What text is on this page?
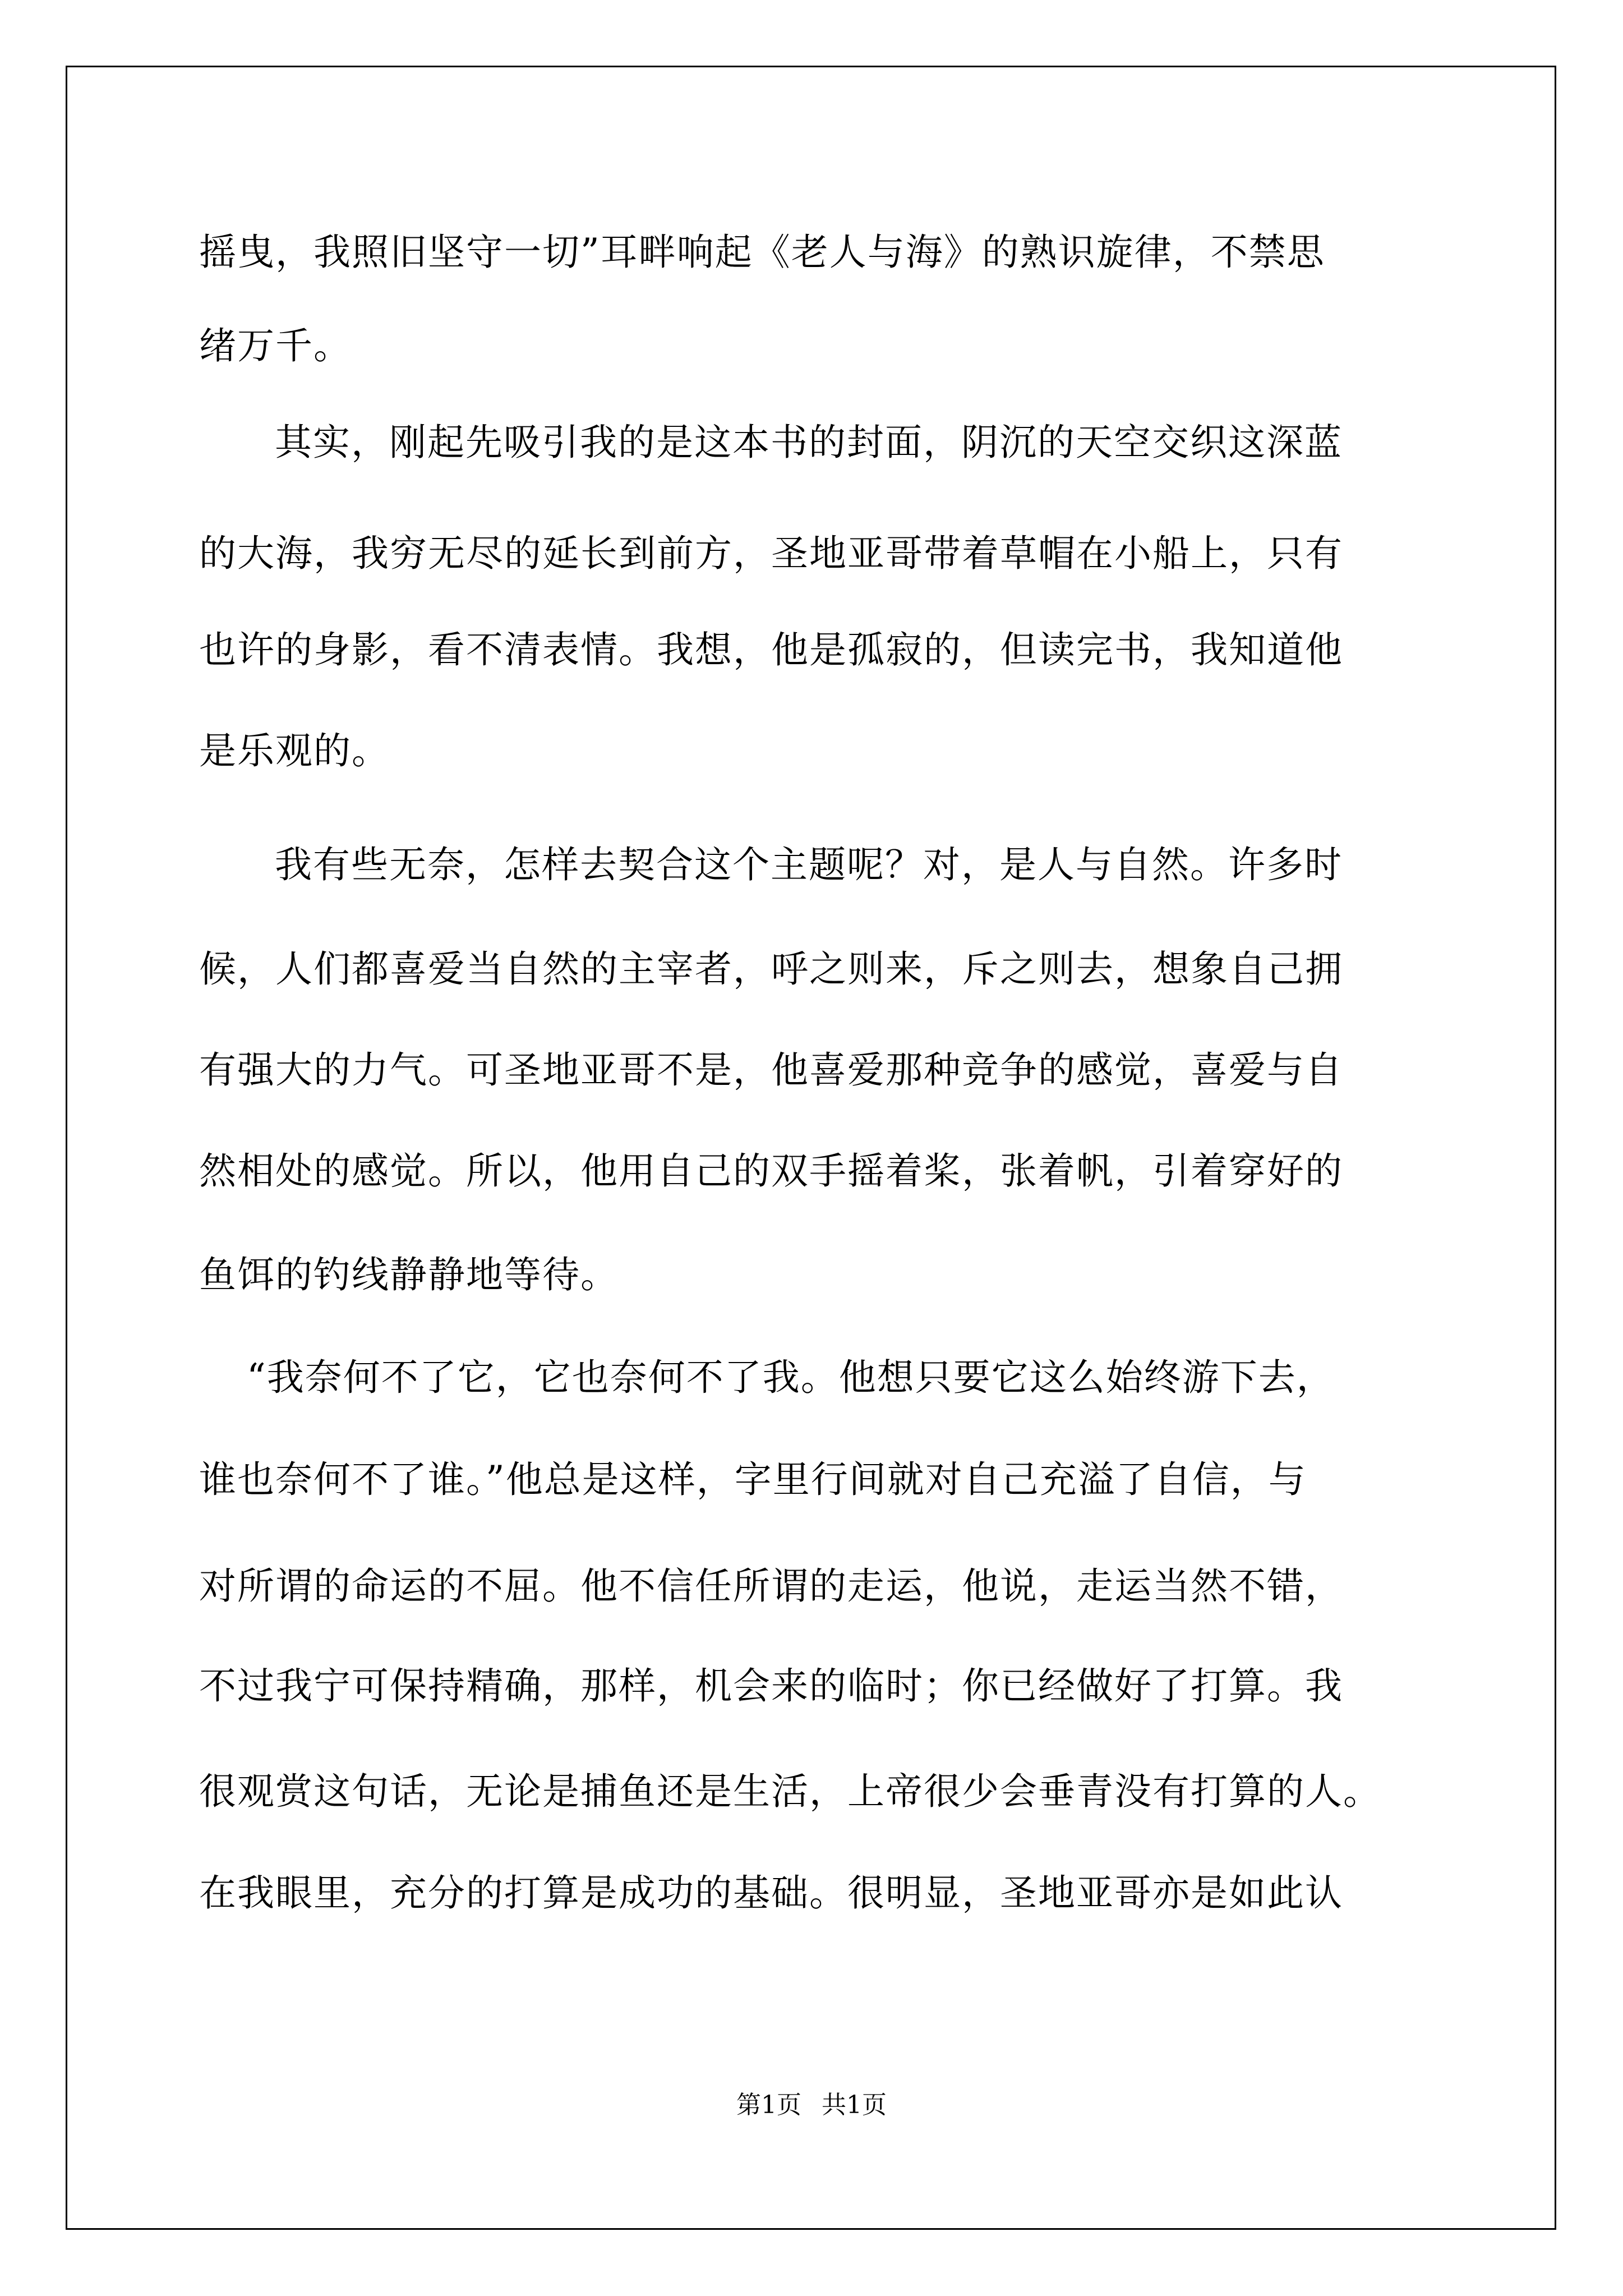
摇曳，我照旧坚守一切”耳畔响起《老人与海》的熟识旋律，不禁思
绪万千。
其实，刚起先吸引我的是这本书的封面，阴沉的天空交织这深蓝
的大海，我穷无尽的延长到前方，圣地亚哥带着草帽在小船上，只有
也许的身影，看不清表情。我想，他是孤寂的，但读完书，我知道他
是乐观的。
我有些无奈，怎样去契合这个主题呢？对，是人与自然。许多时
候，人们都喜爱当自然的主宰者，呼之则来，斥之则去，想象自己拥
有强大的力气。可圣地亚哥不是，他喜爱那种竞争的感觉，喜爱与自
然相处的感觉。所以，他用自己的双手摇着桨，张着帆，引着穿好的
鱼饵的钓线静静地等待。
“我奈何不了它，它也奈何不了我。他想只要它这么始终游下去，
谁也奈何不了谁。”他总是这样，字里行间就对自己充溢了自信，与
对所谓的命运的不屈。他不信任所谓的走运，他说，走运当然不错，
不过我宁可保持精确，那样，机会来的临时；你已经做好了打算。我
很观赏这句话，无论是捕鱼还是生活，上帝很少会垂青没有打算的人。
在我眼里，充分的打算是成功的基础。很明显，圣地亚哥亦是如此认
第1页 共1页
